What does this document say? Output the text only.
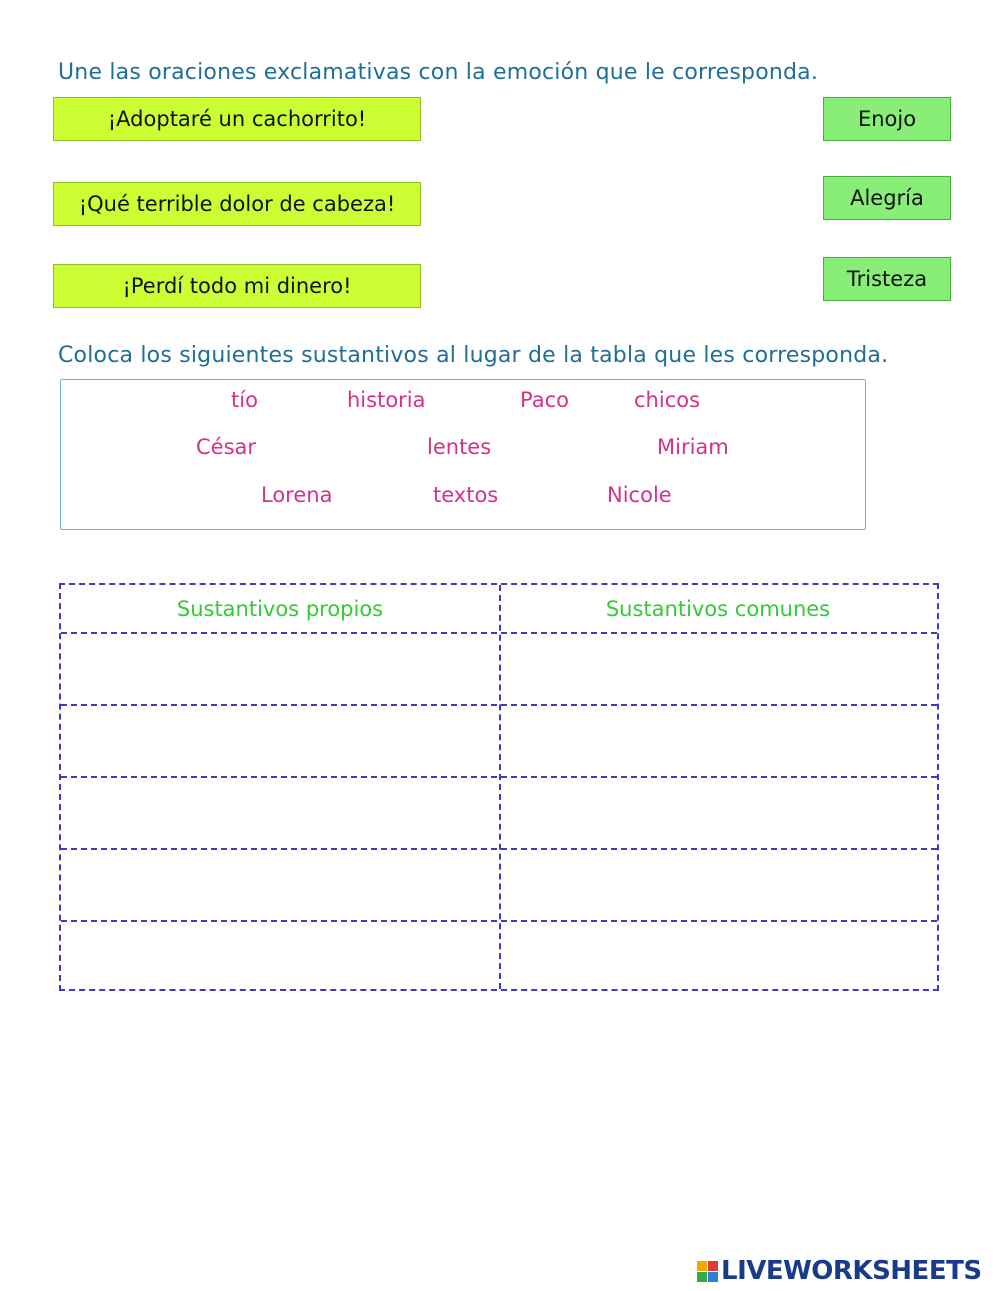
Une las oraciones exclamativas con la emoción que le corresponda.
¡Adoptaré un cachorrito!
¡Qué terrible dolor de cabeza!
¡Perdí todo mi dinero!
Enojo
Alegría
Tristeza
Coloca los siguientes sustantivos al lugar de la tabla que les corresponda.
tío	historia	Paco	chicos
César	lentes	Miriam
Lorena	textos	Nicole
Sustantivos propios	Sustantivos comunes
LIVEWORKSHEETS
